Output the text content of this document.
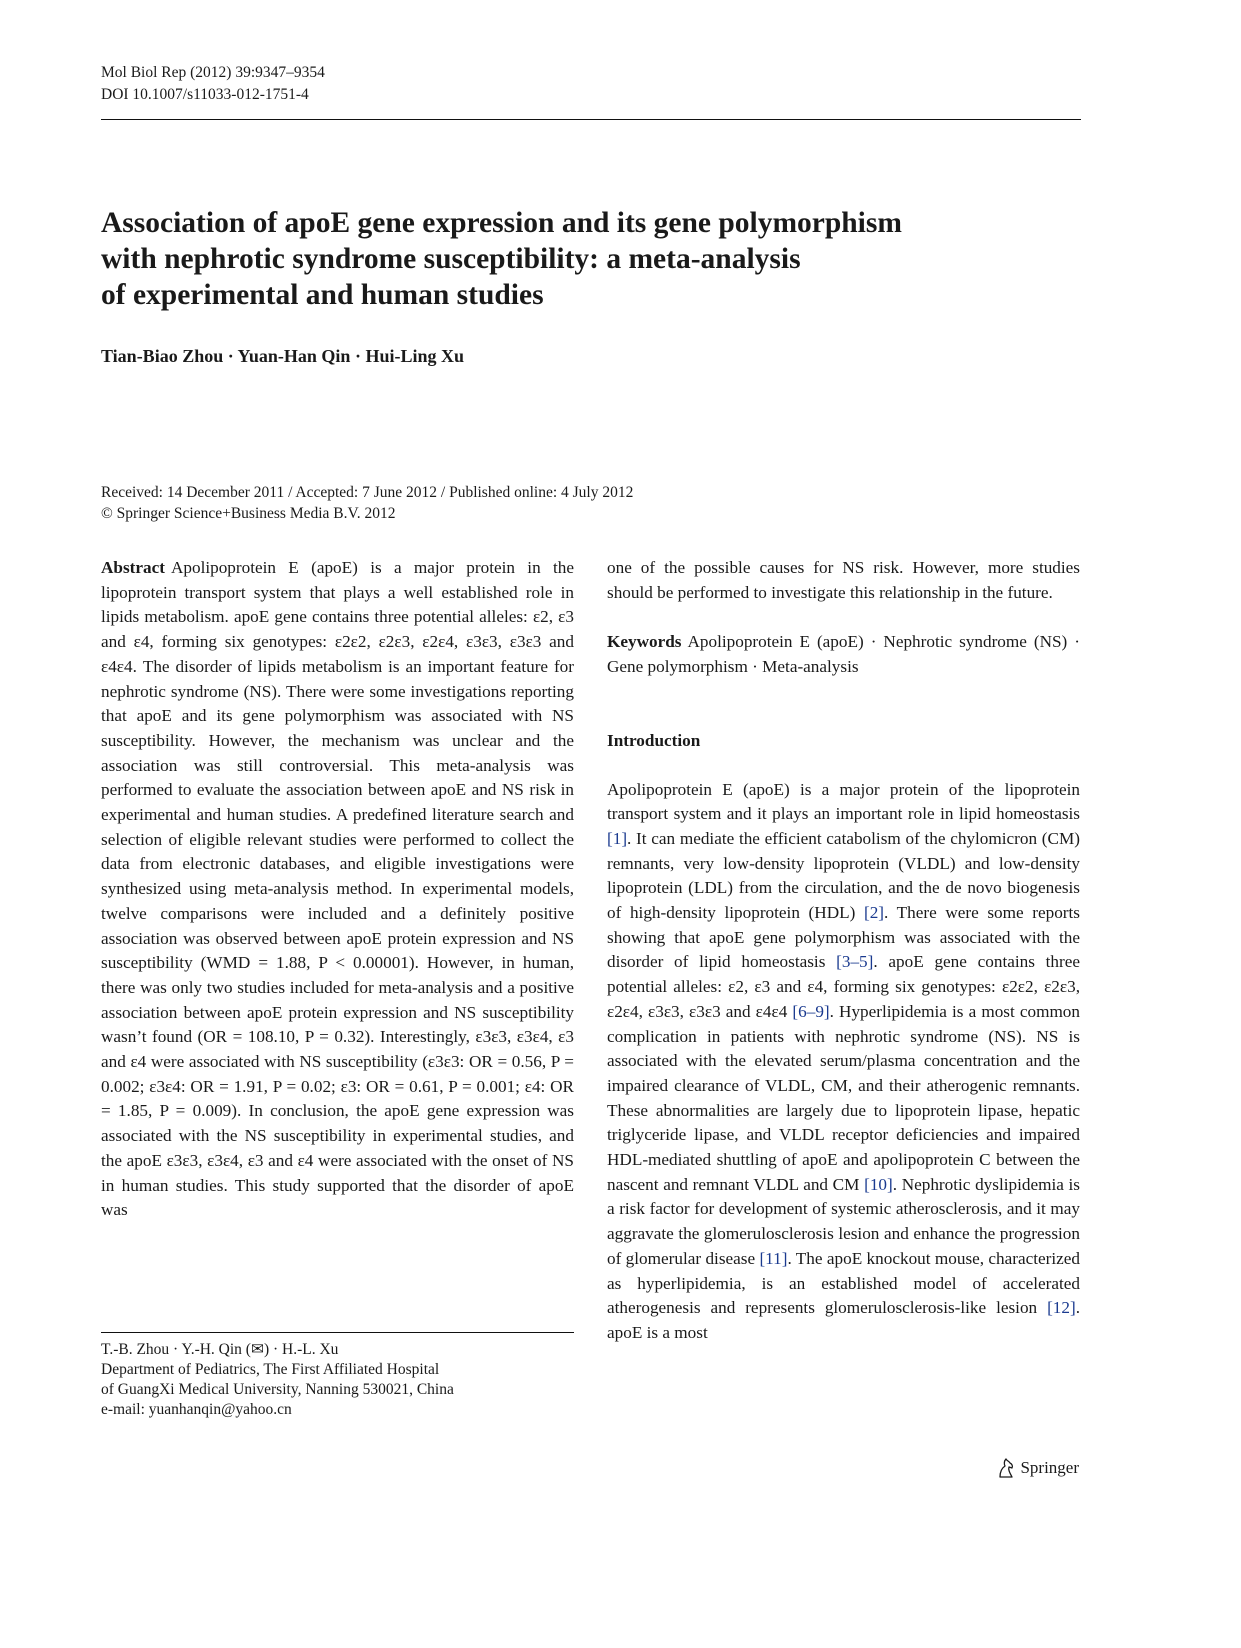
Mol Biol Rep (2012) 39:9347–9354
DOI 10.1007/s11033-012-1751-4
Association of apoE gene expression and its gene polymorphism
with nephrotic syndrome susceptibility: a meta-analysis
of experimental and human studies
Tian-Biao Zhou · Yuan-Han Qin · Hui-Ling Xu
Received: 14 December 2011 / Accepted: 7 June 2012 / Published online: 4 July 2012
© Springer Science+Business Media B.V. 2012

Abstract Apolipoprotein E (apoE) is a major protein in the lipoprotein transport system that plays a well established role in lipids metabolism. apoE gene contains three potential alleles: ε2, ε3 and ε4, forming six genotypes: ε2ε2, ε2ε3, ε2ε4, ε3ε3, ε3ε3 and ε4ε4. The disorder of lipids metabolism is an important feature for nephrotic syndrome (NS). There were some investigations reporting that apoE and its gene polymorphism was associated with NS susceptibility. However, the mechanism was unclear and the association was still controversial. This meta-analysis was performed to evaluate the association between apoE and NS risk in experimental and human studies. A predefined literature search and selection of eligible relevant studies were performed to collect the data from electronic databases, and eligible investigations were synthesized using meta-analysis method. In experimental models, twelve comparisons were included and a definitely positive association was observed between apoE protein expression and NS susceptibility (WMD = 1.88, P < 0.00001). However, in human, there was only two studies included for meta-analysis and a positive association between apoE protein expression and NS susceptibility wasn’t found (OR = 108.10, P = 0.32). Interestingly, ε3ε3, ε3ε4, ε3 and ε4 were associated with NS susceptibility (ε3ε3: OR = 0.56, P = 0.002; ε3ε4: OR = 1.91, P = 0.02; ε3: OR = 0.61, P = 0.001; ε4: OR = 1.85, P = 0.009). In conclusion, the apoE gene expression was associated with the NS susceptibility in experimental studies, and the apoE ε3ε3, ε3ε4, ε3 and ε4 were associated with the onset of NS in human studies. This study supported that the disorder of apoE was

one of the possible causes for NS risk. However, more studies should be performed to investigate this relationship in the future.

Keywords Apolipoprotein E (apoE) · Nephrotic syndrome (NS) · Gene polymorphism · Meta-analysis

Introduction

Apolipoprotein E (apoE) is a major protein of the lipoprotein transport system and it plays an important role in lipid homeostasis [1]. It can mediate the efficient catabolism of the chylomicron (CM) remnants, very low-density lipoprotein (VLDL) and low-density lipoprotein (LDL) from the circulation, and the de novo biogenesis of high-density lipoprotein (HDL) [2]. There were some reports showing that apoE gene polymorphism was associated with the disorder of lipid homeostasis [3–5]. apoE gene contains three potential alleles: ε2, ε3 and ε4, forming six genotypes: ε2ε2, ε2ε3, ε2ε4, ε3ε3, ε3ε3 and ε4ε4 [6–9]. Hyperlipidemia is a most common complication in patients with nephrotic syndrome (NS). NS is associated with the elevated serum/plasma concentration and the impaired clearance of VLDL, CM, and their atherogenic remnants. These abnormalities are largely due to lipoprotein lipase, hepatic triglyceride lipase, and VLDL receptor deficiencies and impaired HDL-mediated shuttling of apoE and apolipoprotein C between the nascent and remnant VLDL and CM [10]. Nephrotic dyslipidemia is a risk factor for development of systemic atherosclerosis, and it may aggravate the glomerulosclerosis lesion and enhance the progression of glomerular disease [11]. The apoE knockout mouse, characterized as hyperlipidemia, is an established model of accelerated atherogenesis and represents glomerulosclerosis-like lesion [12]. apoE is a most

T.-B. Zhou · Y.-H. Qin (✉) · H.-L. Xu
Department of Pediatrics, The First Affiliated Hospital
of GuangXi Medical University, Nanning 530021, China
e-mail: yuanhanqin@yahoo.cn
Springer
